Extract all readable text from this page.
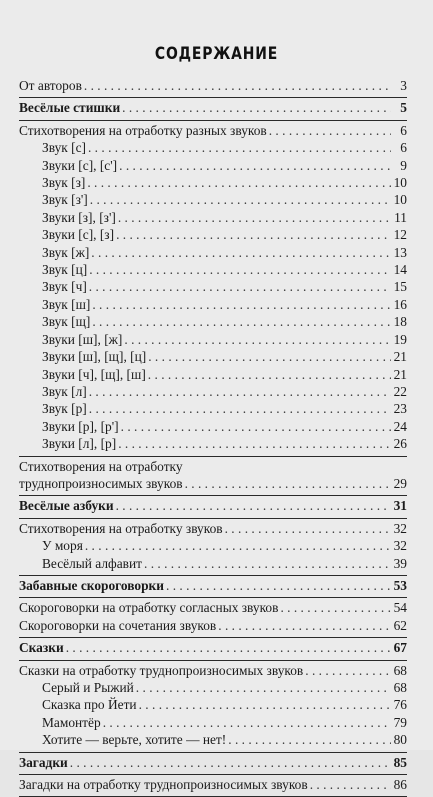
СОДЕРЖАНИЕ
От авторов . . .	3
Весёлые стишки . . .	5
Стихотворения на отработку разных звуков . . .	6
Звук [с] . . .	6
Звуки [с], [с'] . . .	9
Звук [з] . . .	10
Звук [з'] . . .	10
Звуки [з], [з'] . . .	11
Звуки [с], [з] . . .	12
Звук [ж] . . .	13
Звук [ц] . . .	14
Звук [ч] . . .	15
Звук [ш] . . .	16
Звук [щ] . . .	18
Звуки [ш], [ж] . . .	19
Звуки [ш], [щ], [ц] . . .	21
Звуки [ч], [щ], [ш] . . .	21
Звук [л] . . .	22
Звук [р] . . .	23
Звуки [р], [р'] . . .	24
Звуки [л], [р] . . .	26
Стихотворения на отработку
труднопроизносимых звуков . . .	29
Весёлые азбуки . . .	31
Стихотворения на отработку звуков . . .	32
У моря . . .	32
Весёлый алфавит . . .	39
Забавные скороговорки . . .	53
Скороговорки на отработку согласных звуков . . .	54
Скороговорки на сочетания звуков . . .	62
Сказки . . .	67
Сказки на отработку труднопроизносимых звуков . . .	68
Серый и Рыжий . . .	68
Сказка про Йети . . .	76
Мамонтёр . . .	79
Хотите — верьте, хотите — нет! . . .	80
Загадки . . .	85
Загадки на отработку труднопроизносимых звуков . . .	86
